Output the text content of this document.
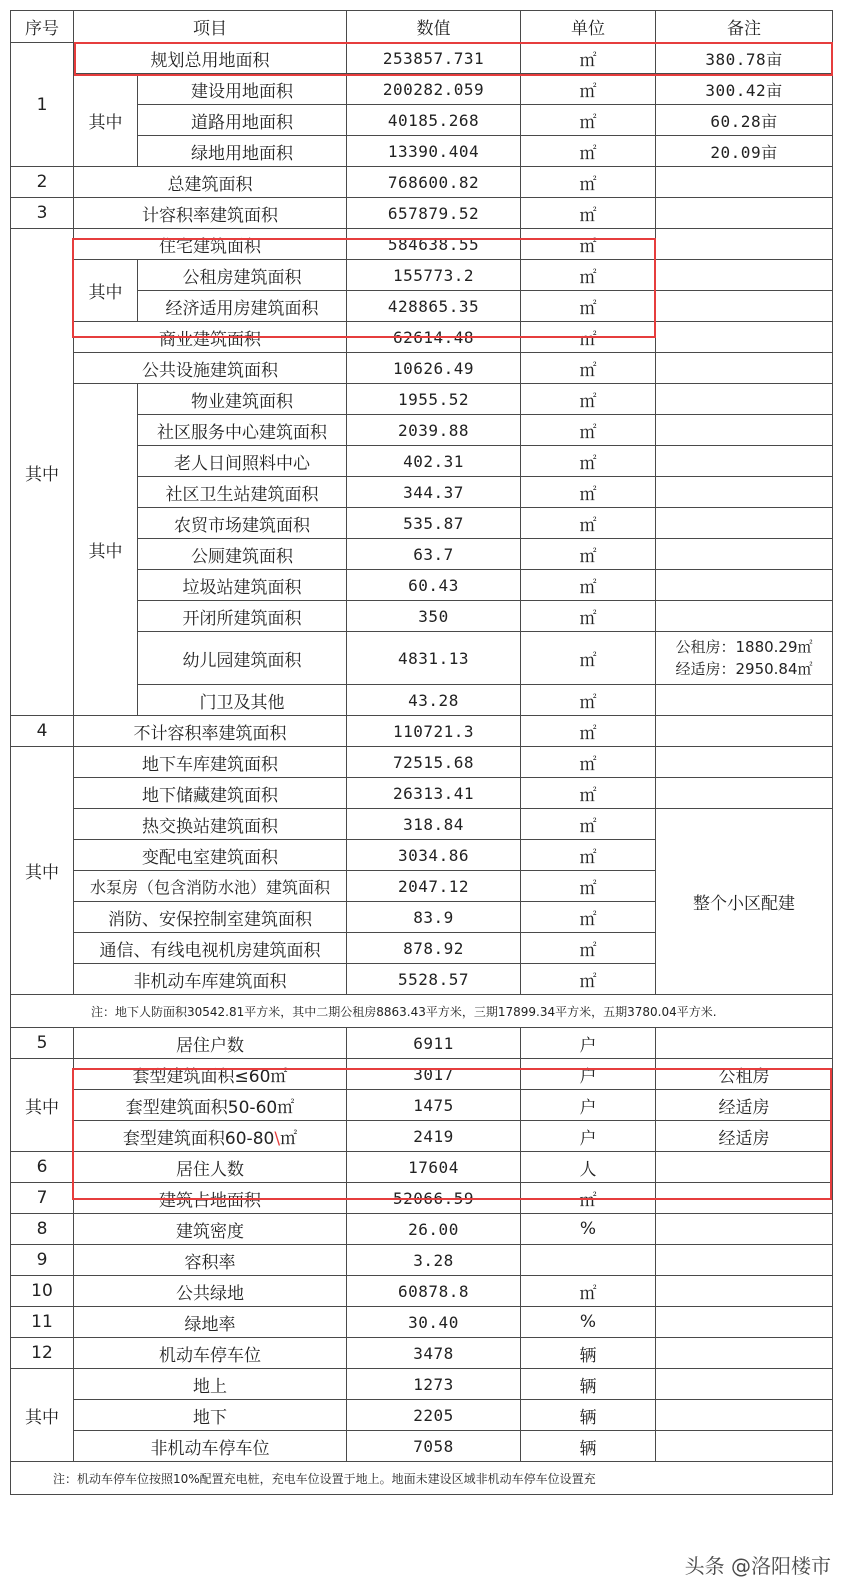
序号	项目		数值	单位	备注
1	规划总用地面积		253857.731	㎡	380.78亩
	其中	建设用地面积	200282.059	㎡	300.42亩
		道路用地面积	40185.268	㎡	60.28亩
		绿地用地面积	13390.404	㎡	20.09亩
2	总建筑面积		768600.82	㎡	
3	计容积率建筑面积		657879.52	㎡	
其中	住宅建筑面积		584638.55	㎡	
	其中	公租房建筑面积	155773.2	㎡	
		经济适用房建筑面积	428865.35	㎡	
	商业建筑面积		62614.48	㎡	
	公共设施建筑面积		10626.49	㎡	
	其中	物业建筑面积	1955.52	㎡	
		社区服务中心建筑面积	2039.88	㎡	
		老人日间照料中心	402.31	㎡	
		社区卫生站建筑面积	344.37	㎡	
		农贸市场建筑面积	535.87	㎡	
		公厕建筑面积	63.7	㎡	
		垃圾站建筑面积	60.43	㎡	
		开闭所建筑面积	350	㎡	
		幼儿园建筑面积	4831.13	㎡	公租房：1880.29㎡
经适房：2950.84㎡

		门卫及其他	43.28	㎡	
4	不计容积率建筑面积		110721.3	㎡	
其中	地下车库建筑面积		72515.68	㎡	
	地下储藏建筑面积		26313.41	㎡	
	热交换站建筑面积		318.84	㎡	整个小区配建
	变配电室建筑面积		3034.86	㎡	
	水泵房（包含消防水池）建筑面积		2047.12	㎡	
	消防、安保控制室建筑面积		83.9	㎡	
	通信、有线电视机房建筑面积		878.92	㎡	
	非机动车库建筑面积		5528.57	㎡	
注：地下人防面积30542.81平方米，其中二期公租房8863.43平方米，三期17899.34平方米，五期3780.04平方米.					
5	居住户数		6911	户	
其中	套型建筑面积≤60㎡		3017	户	公租房
	套型建筑面积50-60㎡		1475	户	经适房
	套型建筑面积60-80\㎡		2419	户	经适房
6	居住人数		17604	人	
7	建筑占地面积		52066.59	㎡	
8	建筑密度		26.00	%	
9	容积率		3.28		
10	公共绿地		60878.8	㎡	
11	绿地率		30.40	%	
12	机动车停车位		3478	辆	
其中	地上		1273	辆	
	地下		2205	辆	
	非机动车停车位		7058	辆	
注：机动车停车位按照10%配置充电桩，充电车位设置于地上。地面未建设区域非机动车停车位设置充					
头条 @洛阳楼市
